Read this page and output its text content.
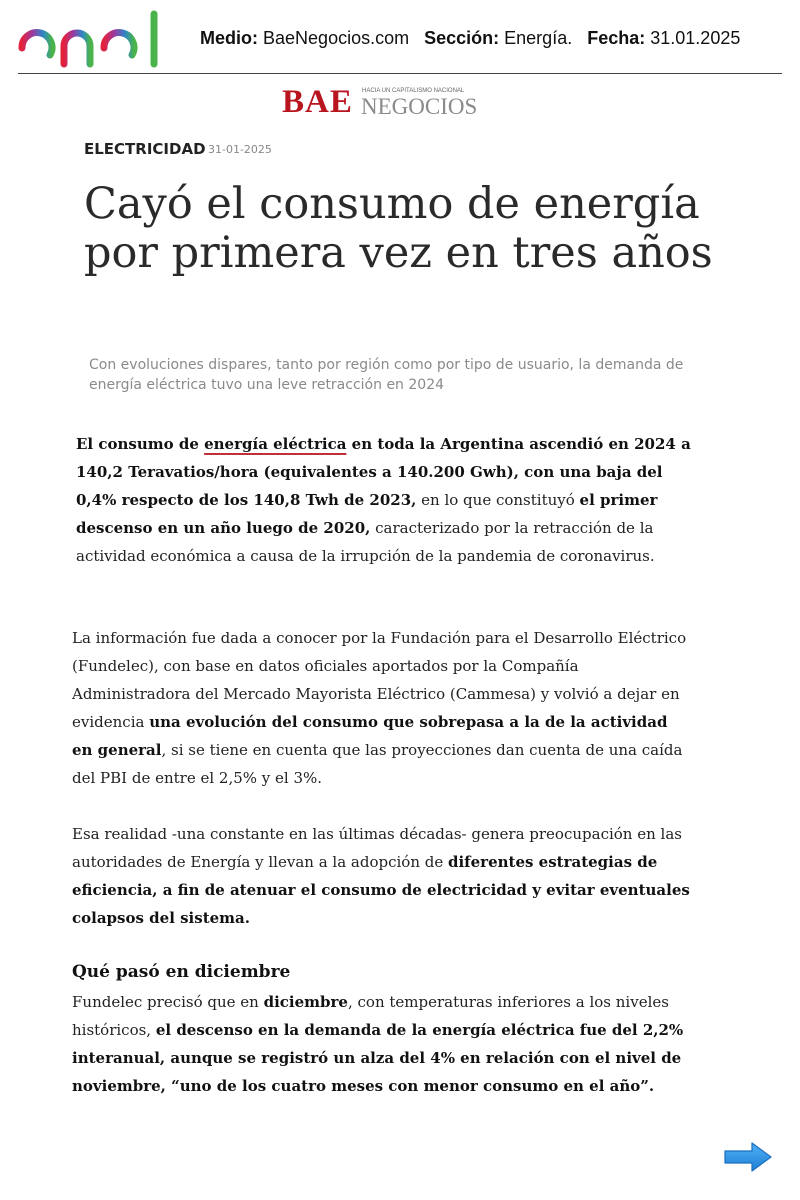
Medio: BaeNegocios.com Sección: Energía. Fecha: 31.01.2025
BAE HACIA UN CAPITALISMO NACIONAL
NEGOCIOS
ELECTRICIDAD 31-01-2025
Cayó el consumo de energía por primera vez en tres años
Con evoluciones dispares, tanto por región como por tipo de usuario, la demanda de energía eléctrica tuvo una leve retracción en 2024

El consumo de energía eléctrica en toda la Argentina ascendió en 2024 a 140,2 Teravatios/hora (equivalentes a 140.200 Gwh), con una baja del 0,4% respecto de los 140,8 Twh de 2023, en lo que constituyó el primer descenso en un año luego de 2020, caracterizado por la retracción de la actividad económica a causa de la irrupción de la pandemia de coronavirus.

La información fue dada a conocer por la Fundación para el Desarrollo Eléctrico (Fundelec), con base en datos oficiales aportados por la Compañía Administradora del Mercado Mayorista Eléctrico (Cammesa) y volvió a dejar en evidencia una evolución del consumo que sobrepasa a la de la actividad en general, si se tiene en cuenta que las proyecciones dan cuenta de una caída del PBI de entre el 2,5% y el 3%.

Esa realidad -una constante en las últimas décadas- genera preocupación en las autoridades de Energía y llevan a la adopción de diferentes estrategias de eficiencia, a fin de atenuar el consumo de electricidad y evitar eventuales colapsos del sistema.

Qué pasó en diciembre

Fundelec precisó que en diciembre, con temperaturas inferiores a los niveles históricos, el descenso en la demanda de la energía eléctrica fue del 2,2% interanual, aunque se registró un alza del 4% en relación con el nivel de noviembre, “uno de los cuatro meses con menor consumo en el año”.
